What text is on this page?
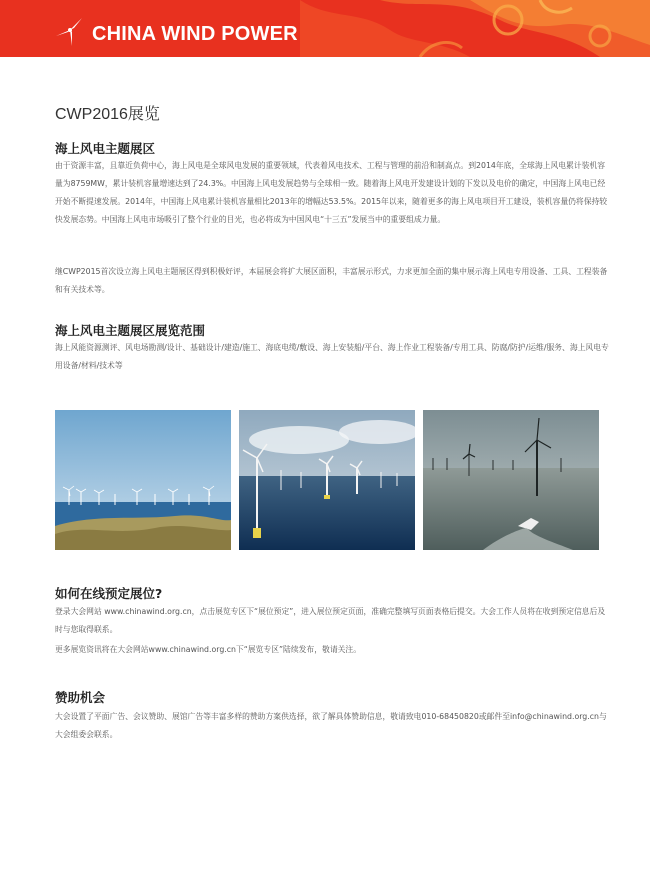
CHINA WIND POWER
CWP2016展览
海上风电主题展区

由于资源丰富，且靠近负荷中心，海上风电是全球风电发展的重要领域，代表着风电技术、工程与管理的前沿和制高点。到2014年底，全球海上风电累计装机容量为8759MW，累计装机容量增速达到了24.3%。中国海上风电发展趋势与全球相一致。随着海上风电开发建设计划的下发以及电价的确定，中国海上风电已经开始不断提速发展。2014年，中国海上风电累计装机容量相比2013年的增幅达53.5%。2015年以来，随着更多的海上风电项目开工建设，装机容量仍将保持较快发展态势。中国海上风电市场吸引了整个行业的目光，也必将成为中国风电“十三五”发展当中的重要组成力量。

继CWP2015首次设立海上风电主题展区得到积极好评，本届展会将扩大展区面积，丰富展示形式，力求更加全面的集中展示海上风电专用设备、工具、工程装备和有关技术等。

海上风电主题展区展览范围

海上风能资源测评、风电场勘测/设计、基础设计/建造/施工、海底电缆/敷设、海上安装船/平台、海上作业工程装备/专用工具、防腐/防护/运维/服务、海上风电专用设备/材料/技术等

如何在线预定展位?

登录大会网站 www.chinawind.org.cn，点击展览专区下“展位预定”，进入展位预定页面，准确完整填写页面表格后提交。大会工作人员将在收到预定信息后及时与您取得联系。

更多展览资讯将在大会网站www.chinawind.org.cn下“展览专区”陆续发布，敬请关注。

赞助机会

大会设置了平面广告、会议赞助、展馆广告等丰富多样的赞助方案供选择，欲了解具体赞助信息，敬请致电010-68450820或邮件至info@chinawind.org.cn与大会组委会联系。
